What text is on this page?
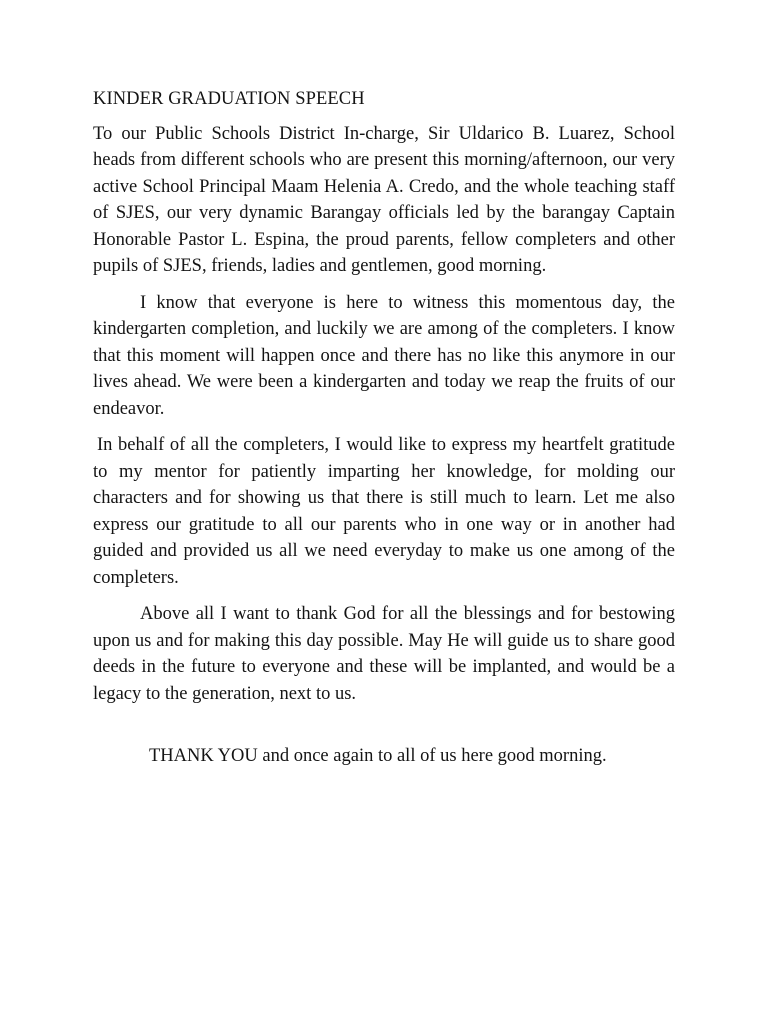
KINDER GRADUATION SPEECH

To our Public Schools District In-charge, Sir Uldarico B. Luarez, School heads from different schools who are present this morning/afternoon, our very active School Principal Maam Helenia A. Credo, and the whole teaching staff of SJES, our very dynamic Barangay officials led by the barangay Captain Honorable Pastor L. Espina, the proud parents, fellow completers and other pupils of SJES, friends, ladies and gentlemen, good morning.

I know that everyone is here to witness this momentous day, the kindergarten completion, and luckily we are among of the completers. I know that this moment will happen once and there has no like this anymore in our lives ahead. We were been a kindergarten and today we reap the fruits of our endeavor.

In behalf of all the completers, I would like to express my heartfelt gratitude to my mentor for patiently imparting her knowledge, for molding our characters and for showing us that there is still much to learn. Let me also express our gratitude to all our parents who in one way or in another had guided and provided us all we need everyday to make us one among of the completers.

Above all I want to thank God for all the blessings and for bestowing upon us and for making this day possible. May He will guide us to share good deeds in the future to everyone and these will be implanted, and would be a legacy to the generation, next to us.

THANK YOU and once again to all of us here good morning.
